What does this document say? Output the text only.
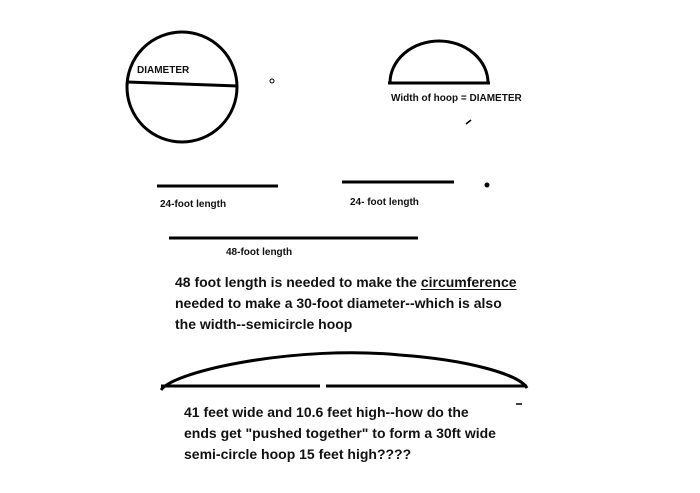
DIAMETER
Width of hoop = DIAMETER
24-foot length	24- foot length
48-foot length
48 foot length is needed to make the circumference
needed to make a 30-foot diameter--which is also
the width--semicircle hoop
41 feet wide and 10.6 feet high--how do the
ends get "pushed together" to form a 30ft wide
semi-circle hoop 15 feet high????
